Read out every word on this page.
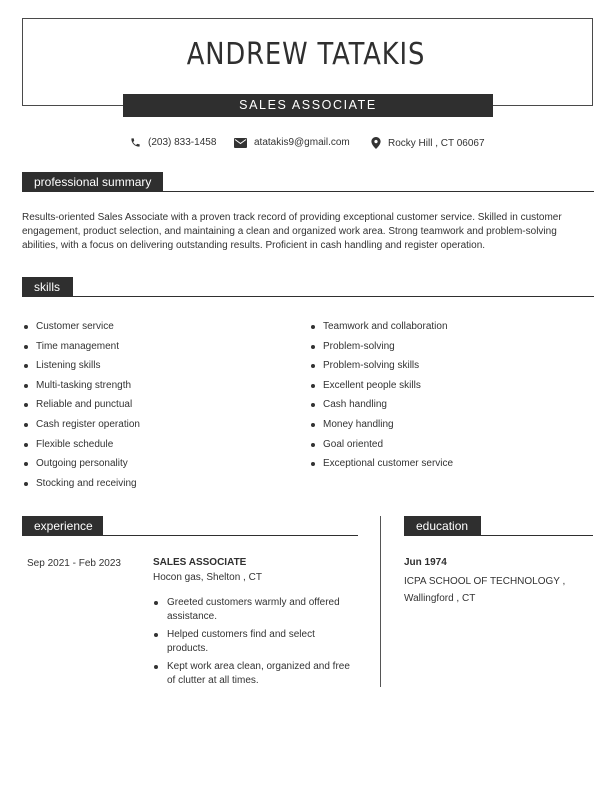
ANDREW TATAKIS
SALES ASSOCIATE
(203) 833-1458	atatakis9@gmail.com	Rocky Hill , CT 06067
professional summary

Results-oriented Sales Associate with a proven track record of providing exceptional customer service. Skilled in customer engagement, product selection, and maintaining a clean and organized work area. Strong teamwork and problem-solving abilities, with a focus on delivering outstanding results. Proficient in cash handling and register operation.

skills
Customer service
Time management
Listening skills
Multi-tasking strength
Reliable and punctual
Cash register operation
Flexible schedule
Outgoing personality
Stocking and receiving
Teamwork and collaboration
Problem-solving
Problem-solving skills
Excellent people skills
Cash handling
Money handling
Goal oriented
Exceptional customer service
experience	education
Sep 2021 - Feb 2023	SALES ASSOCIATE
Hocon gas, Shelton , CT
Greeted customers warmly and offered assistance.
Helped customers find and select products.
Kept work area clean, organized and free of clutter at all times.
Jun 1974
ICPA SCHOOL OF TECHNOLOGY , Wallingford , CT
